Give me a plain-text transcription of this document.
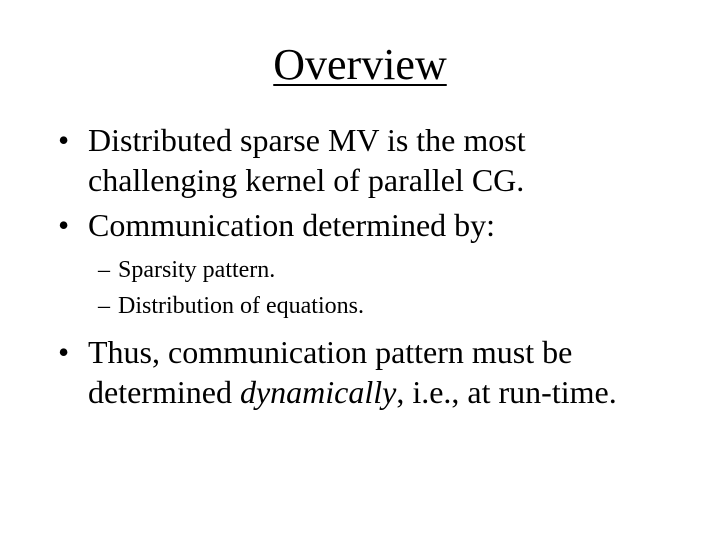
Overview
• Distributed sparse MV is the most
challenging kernel of parallel CG.
• Communication determined by:
– Sparsity pattern.
– Distribution of equations.
• Thus, communication pattern must be
determined dynamically, i.e., at run-time.
